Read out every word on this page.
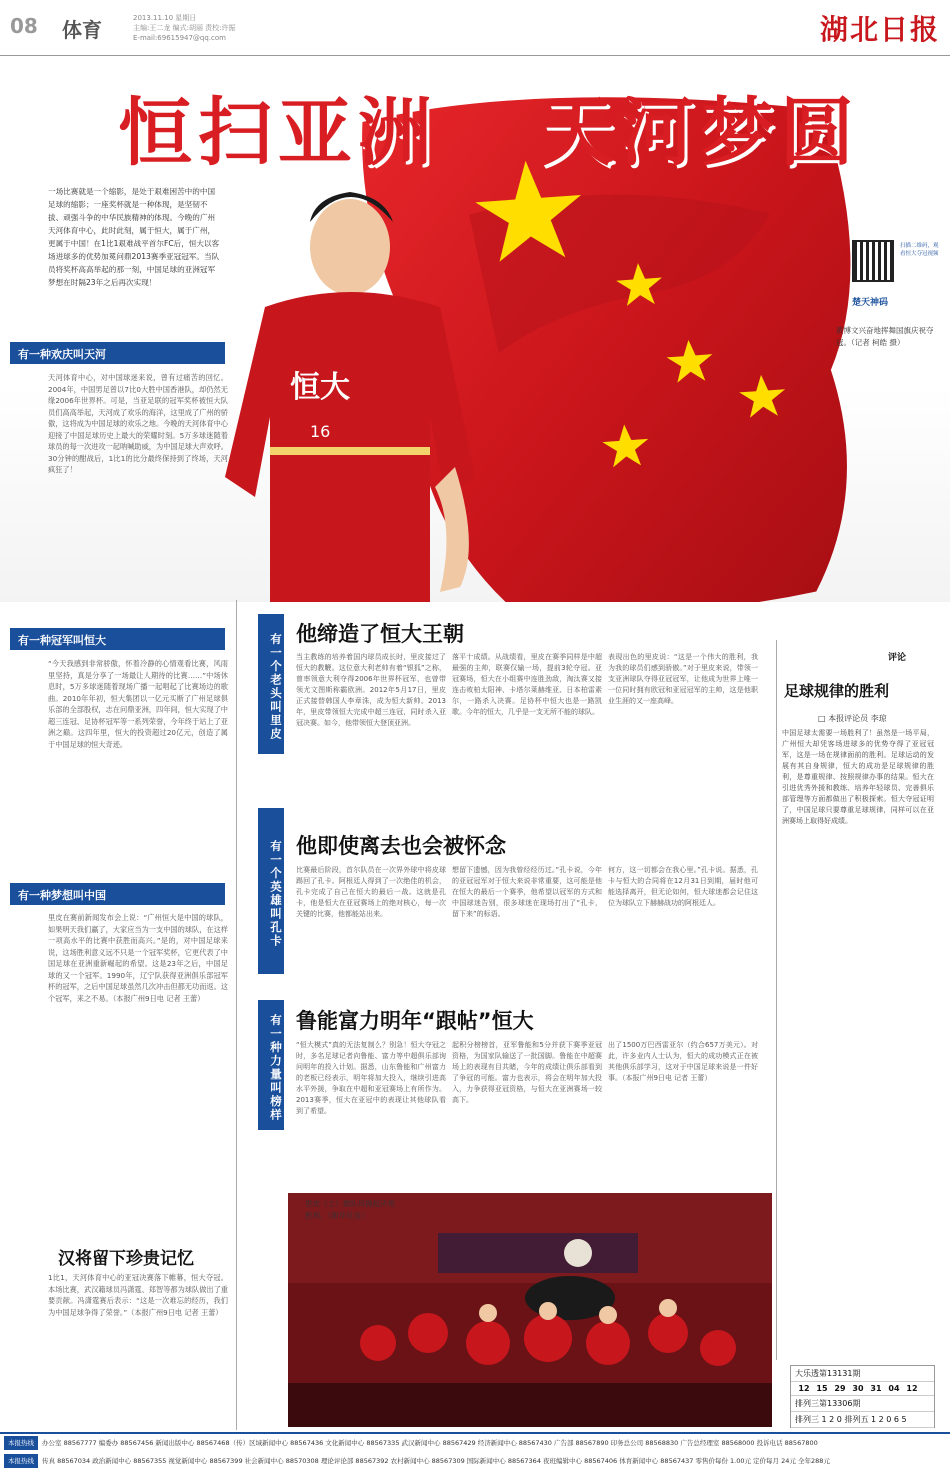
08 体育	2013.11.10 星期日
主编:王二龙 编式:胡丽 责校:许振
E-mail:69615947@qq.com	湖北日报
恒大
16
扫描二维码，观看恒大夺冠视频
楚天神码
黄博文兴奋地挥舞国旗庆祝夺冠。（记者 柯皓 摄）
恒扫亚洲 天河梦圆
一场比赛就是一个缩影，是处于艰难困苦中的中国足球的缩影；一座奖杯就是一种体现，是坚韧不拔、顽强斗争的中华民族精神的体现。今晚的广州天河体育中心，此时此刻，属于恒大，属于广州，更属于中国！在1比1艰难战平首尔FC后，恒大以客场进球多的优势加冕问鼎2013赛季亚冠冠军。当队员将奖杯高高举起的那一刻，中国足球的亚洲冠军梦想在时隔23年之后再次实现！
有一种欢庆叫天河
天河体育中心，对中国球迷来说，曾有过痛苦的回忆。2004年，中国男足曾以7比0大胜中国香港队，却仍然无缘2006年世界杯。可是，当亚足联的冠军奖杯被恒大队员们高高举起，天河成了欢乐的海洋，这里成了广州的骄傲，这将成为中国足球的欢乐之地。今晚的天河体育中心迎接了中国足球历史上最大的荣耀时刻。5万多球迷随着球员的每一次进攻一起呐喊助威，为中国足球大声欢呼。30分钟的酣战后，1比1的比分最终保持到了终场，天河疯狂了！
有一种冠军叫恒大
“今天我感到非常骄傲，怀着冷静的心情观看比赛，风雨里坚持，真是分享了一场最让人期待的比赛……”中场休息时，5万多球迷随着现场广播一起唱起了比赛场边的歌曲。2010年年初，恒大集团以一亿元买断了广州足球俱乐部的全部股权，志在问鼎亚洲，四年间，恒大实现了中超三连冠、足协杯冠军等一系列荣誉，今年终于站上了亚洲之巅。这四年里，恒大的投资超过20亿元，创造了属于中国足球的恒大奇迹。
有一种梦想叫中国
里皮在赛前新闻发布会上说：“广州恒大是中国的球队，如果明天我们赢了，大家应当为一支中国的球队，在这样一项高水平的比赛中获胜而高兴。”是的，对中国足球来说，这场胜利意义远不只是一个冠军奖杯，它更代表了中国足球在亚洲重新崛起的希望。这是23年之后，中国足球的又一个冠军。1990年，辽宁队获得亚洲俱乐部冠军杯的冠军，之后中国足球虽然几次冲击但都无功而返。这个冠军，来之不易。（本报广州9日电 记者 王蕾）
汉将留下珍贵记忆
1比1，天河体育中心的亚冠决赛落下帷幕，恒大夺冠。本场比赛，武汉籍球员冯潇霆、郑智等都为球队做出了重要贡献。冯潇霆赛后表示：“这是一次难忘的经历，我们为中国足球争得了荣誉。”（本报广州9日电 记者 王蕾）
有一个老头叫里皮 他缔造了恒大王朝
当主教练的培养着国内球员成长时，里皮接过了恒大的教鞭。这位意大利老帅有着“银狐”之称，曾率领意大利夺得2006年世界杯冠军，也曾带领尤文图斯称霸欧洲。2012年5月17日，里皮正式接替韩国人李章洙，成为恒大新帅。2013年，里皮带领恒大完成中超三连冠，同时杀入亚冠决赛。如今，他带领恒大登顶亚洲。
落平十成绩。从战绩看，里皮在赛季同样是中超最强的主帅，联赛仅输一场，提前3轮夺冠。亚冠赛场，恒大在小组赛中连胜劲敌，淘汰赛又接连击败柏太阳神、卡塔尔莱赫维亚、日本柏雷素尔，一路杀入决赛。足协杯中恒大也是一路凯歌。今年的恒大，几乎是一支无所不能的球队。
表现出色的里皮说：“这是一个伟大的胜利，我为我的球员们感到骄傲。”对于里皮来说，带领一支亚洲球队夺得亚冠冠军，让他成为世界上唯一一位同时拥有欧冠和亚冠冠军的主帅，这是他职业生涯的又一座高峰。
有一个英雄叫孔卡 他即使离去也会被怀念
比赛最后阶段，首尔队员在一次界外球中将皮球踢回了孔卡。阿根廷人得到了一次绝佳的机会，孔卡完成了自己在恒大的最后一战。这就是孔卡，他是恒大在亚冠赛场上的绝对核心，每一次关键的比赛，他都能站出来。
想留下遗憾，因为我曾经经历过。”孔卡说，今年的亚冠冠军对于恒大来说非常重要，这可能是他在恒大的最后一个赛季，他希望以冠军的方式和中国球迷告别，很多球迷在现场打出了“孔卡，留下来”的标语。
何方，这一切都会在我心里。”孔卡说。据悉，孔卡与恒大的合同将在12月31日到期，届时他可能选择离开，但无论如何，恒大球迷都会记住这位为球队立下赫赫战功的阿根廷人。
有一种力量叫榜样 鲁能富力明年“跟帖”恒大
“恒大模式”真的无法复制么？别急！恒大夺冠之时，多名足球记者向鲁能、富力等中超俱乐部询问明年的投入计划。据悉，山东鲁能和广州富力的老板已经表示，明年将加大投入，继续引进高水平外援，争取在中超和亚冠赛场上有所作为。2013赛季，恒大在亚冠中的表现让其他球队看到了希望。
起积分榜榜首，亚军鲁能和5分并获下赛季亚冠资格，为国家队输送了一批国脚。鲁能在中超赛场上的表现有目共睹，今年的成绩让俱乐部看到了争冠的可能。富力也表示，将会在明年加大投入，力争获得亚冠资格，与恒大在亚洲赛场一较高下。
出了1500万巴西雷亚尔（约合657万美元）。对此，许多业内人士认为，恒大的成功模式正在被其他俱乐部学习，这对于中国足球来说是一件好事。（本报广州9日电 记者 王蕾）
里皮（上）被队员抛起庆祝胜利。（新华社发）
评论
足球规律的胜利
□ 本报评论员 李琼
中国足球太需要一场胜利了！虽然是一场平局，广州恒大却凭客场进球多的优势夺得了亚冠冠军，这是一场在规律面前的胜利。足球运动的发展有其自身规律，恒大的成功是足球规律的胜利，是尊重规律、按照规律办事的结果。恒大在引进优秀外援和教练、培养年轻球员、完善俱乐部管理等方面都做出了积极探索。恒大夺冠证明了，中国足球只要尊重足球规律，同样可以在亚洲赛场上取得好成绩。
大乐透第13131期
12 15 29 30 31 04 12
排列三第13306期
排列三 1 2 0 排列五 1 2 0 6 5
本报热线 办公室 88567777 编委办 88567456 新闻出版中心 88567468（传）区域新闻中心 88567436 文化新闻中心 88567335 武汉新闻中心 88567429 经济新闻中心 88567430 广告部 88567890 印务总公司 88568830 广告总经理室 88568000 投诉电话 88567800
本报热线 传真 88567034 政治新闻中心 88567355 视觉新闻中心 88567399 社会新闻中心 88570308 理论评论部 88567392 农村新闻中心 88567309 国际新闻中心 88567364 夜班编辑中心 88567406 体育新闻中心 88567437 零售价每份 1.00元 定价每月 24元 全年288元
